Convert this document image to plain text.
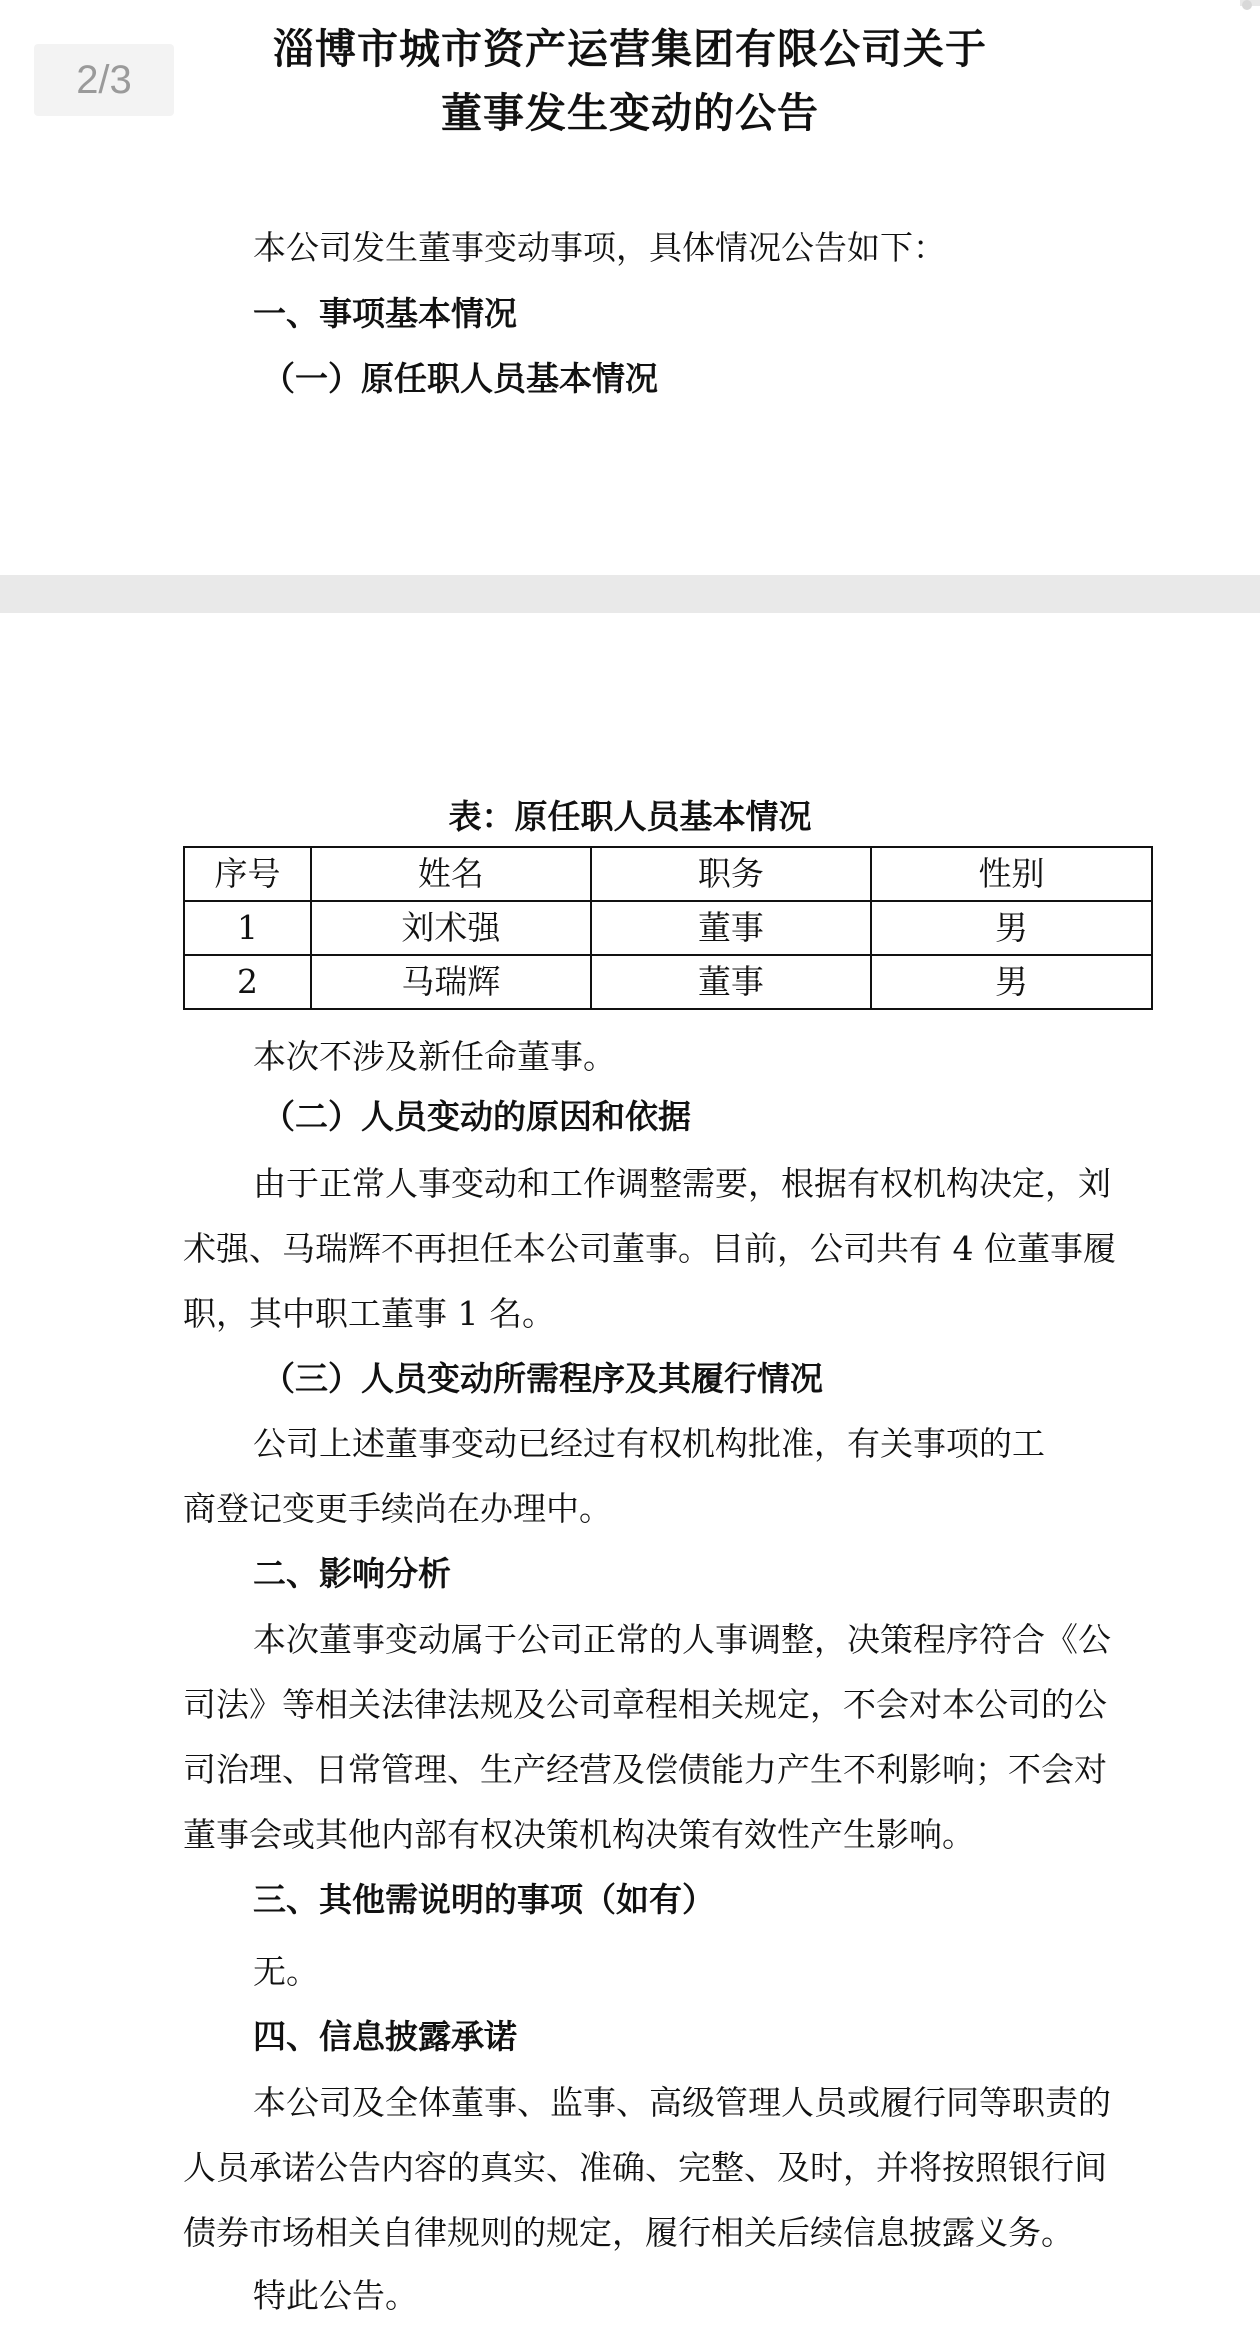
2/3
淄博市城市资产运营集团有限公司关于
董事发生变动的公告
本公司发生董事变动事项，具体情况公告如下：
一、事项基本情况
（一）原任职人员基本情况
表：原任职人员基本情况
序号	姓名	职务	性别
1	刘术强	董事	男
2	马瑞辉	董事	男
本次不涉及新任命董事。
（二）人员变动的原因和依据
由于正常人事变动和工作调整需要，根据有权机构决定，刘
术强、马瑞辉不再担任本公司董事。目前，公司共有 4 位董事履
职，其中职工董事 1 名。
（三）人员变动所需程序及其履行情况
公司上述董事变动已经过有权机构批准，有关事项的工
商登记变更手续尚在办理中。
二、影响分析
本次董事变动属于公司正常的人事调整，决策程序符合《公
司法》等相关法律法规及公司章程相关规定，不会对本公司的公
司治理、日常管理、生产经营及偿债能力产生不利影响；不会对
董事会或其他内部有权决策机构决策有效性产生影响。
三、其他需说明的事项（如有）
无。
四、信息披露承诺
本公司及全体董事、监事、高级管理人员或履行同等职责的
人员承诺公告内容的真实、准确、完整、及时，并将按照银行间
债券市场相关自律规则的规定，履行相关后续信息披露义务。
特此公告。
